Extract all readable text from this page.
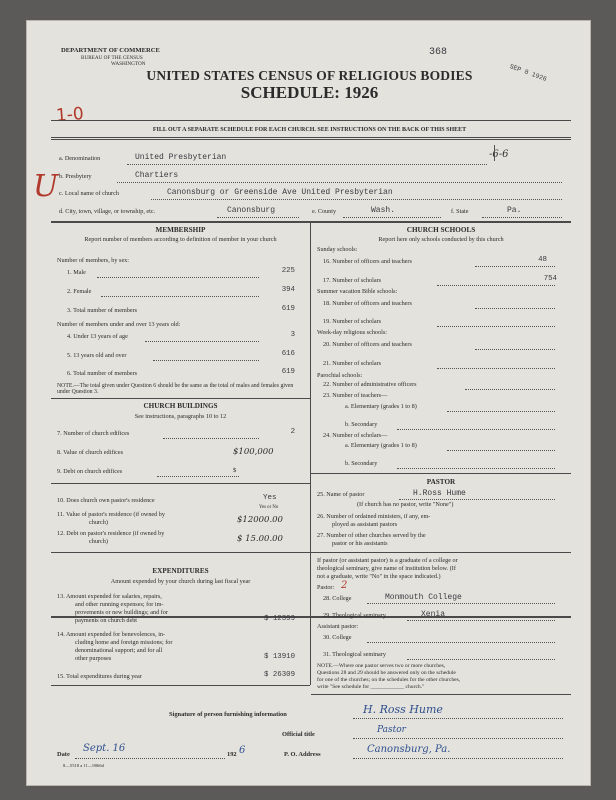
DEPARTMENT OF COMMERCE
BUREAU OF THE CENSUS
WASHINGTON
368
SEP 8 1926
UNITED STATES CENSUS OF RELIGIOUS BODIES
SCHEDULE: 1926
1-0
FILL OUT A SEPARATE SCHEDULE FOR EACH CHURCH. SEE INSTRUCTIONS ON THE BACK OF THIS SHEET
U
-6-6
a. Denomination	United Presbyterian
b. Presbytery	Chartiers
c. Local name of church	Canonsburg or Greenside Ave United Presbyterian
d. City, town, village, or township, etc.	Canonsburg	e. County	Wash.	f. State	Pa.
MEMBERSHIP
Report number of members according to definition of member in your church
Number of members, by sex:
1. Male	225
2. Female	394
3. Total number of members	619
Number of members under and over 13 years old:
4. Under 13 years of age	3
5. 13 years old and over	616
6. Total number of members	619
NOTE.—The total given under Question 6 should be the same as the total of males and females given under Question 3.
CHURCH BUILDINGS
See instructions, paragraphs 10 to 12
7. Number of church edifices	2
8. Value of church edifices	$100,000
9. Debt on church edifices	$
10. Does church own pastor's residence	Yes
Yes or No
11. Value of pastor's residence (if owned by
church)	$12000.00
12. Debt on pastor's residence (if owned by
church)	$ 15.00.00
EXPENDITURES
Amount expended by your church during last fiscal year
13. Amount expended for salaries, repairs,
and other running expenses; for im-
provements or new buildings; and for
payments on church debt	$ 12399
14. Amount expended for benevolences, in-
cluding home and foreign missions; for
denominational support; and for all
other purposes	$ 13910
15. Total expenditures during year	$ 26309
CHURCH SCHOOLS
Report here only schools conducted by this church
Sunday schools:
16. Number of officers and teachers	48
17. Number of scholars	754
Summer vacation Bible schools:
18. Number of officers and teachers
19. Number of scholars
Week-day religious schools:
20. Number of officers and teachers
21. Number of scholars
Parochial schools:
22. Number of administrative officers
23. Number of teachers—
a. Elementary (grades 1 to 8)
b. Secondary
24. Number of scholars—
a. Elementary (grades 1 to 8)
b. Secondary
PASTOR
25. Name of pastor	H.Ross Hume
(If church has no pastor, write "None")
26. Number of ordained ministers, if any, em-
ployed as assistant pastors
27. Number of other churches served by the
pastor or his assistants
If pastor (or assistant pastor) is a graduate of a college or
theological seminary, give name of institution below. (If
not a graduate, write "No" in the space indicated.)
Pastor: 2
28. College	Monmouth College
29. Theological seminary	Xenia
Assistant pastor:
30. College
31. Theological seminary
NOTE.—Where one pastor serves two or more churches,
Questions 28 and 29 should be answered only on the schedule
for one of the churches; on the schedules for the other churches,
write "See schedule for ____________ church."
Signature of person furnishing information	H. Ross Hume
Official title	Pastor
Date
Sept. 16
192 6	P. O. Address	Canonsburg, Pa.
8—5518 a 11—9066d
